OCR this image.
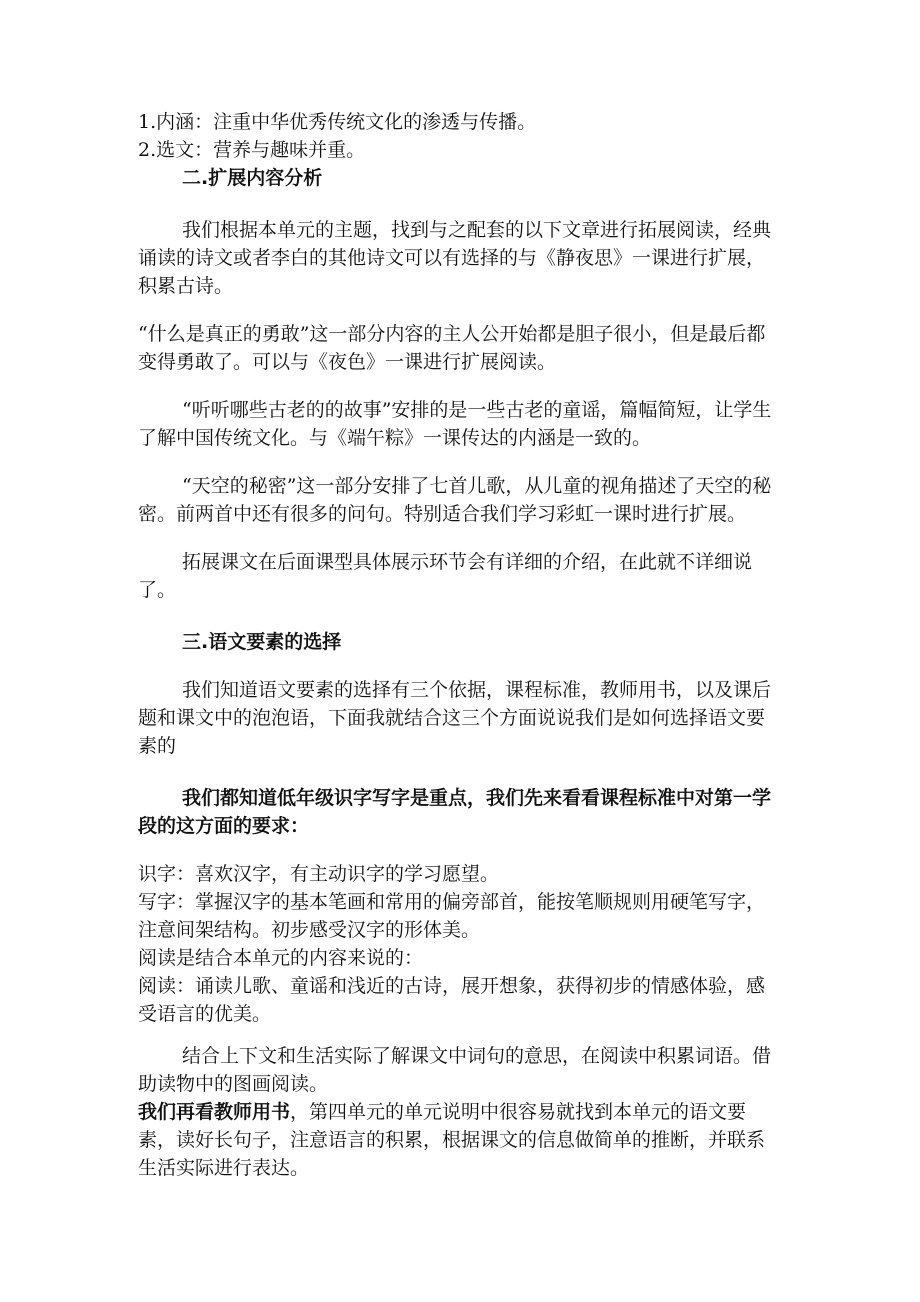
1.内涵：注重中华优秀传统文化的渗透与传播。

2.选文：营养与趣味并重。

二.扩展内容分析

我们根据本单元的主题，找到与之配套的以下文章进行拓展阅读，经典诵读的诗文或者李白的其他诗文可以有选择的与《静夜思》一课进行扩展，积累古诗。

“什么是真正的勇敢”这一部分内容的主人公开始都是胆子很小，但是最后都变得勇敢了。可以与《夜色》一课进行扩展阅读。

“听听哪些古老的的故事”安排的是一些古老的童谣，篇幅简短，让学生了解中国传统文化。与《端午粽》一课传达的内涵是一致的。

“天空的秘密”这一部分安排了七首儿歌，从儿童的视角描述了天空的秘密。前两首中还有很多的问句。特别适合我们学习彩虹一课时进行扩展。

拓展课文在后面课型具体展示环节会有详细的介绍，在此就不详细说了。

三.语文要素的选择

我们知道语文要素的选择有三个依据，课程标准，教师用书，以及课后题和课文中的泡泡语，下面我就结合这三个方面说说我们是如何选择语文要素的

我们都知道低年级识字写字是重点，我们先来看看课程标准中对第一学段的这方面的要求：

识字：喜欢汉字，有主动识字的学习愿望。

写字：掌握汉字的基本笔画和常用的偏旁部首，能按笔顺规则用硬笔写字，注意间架结构。初步感受汉字的形体美。

阅读是结合本单元的内容来说的：

阅读：诵读儿歌、童谣和浅近的古诗，展开想象，获得初步的情感体验，感受语言的优美。

结合上下文和生活实际了解课文中词句的意思，在阅读中积累词语。借助读物中的图画阅读。

我们再看教师用书，第四单元的单元说明中很容易就找到本单元的语文要素，读好长句子，注意语言的积累，根据课文的信息做简单的推断，并联系生活实际进行表达。
